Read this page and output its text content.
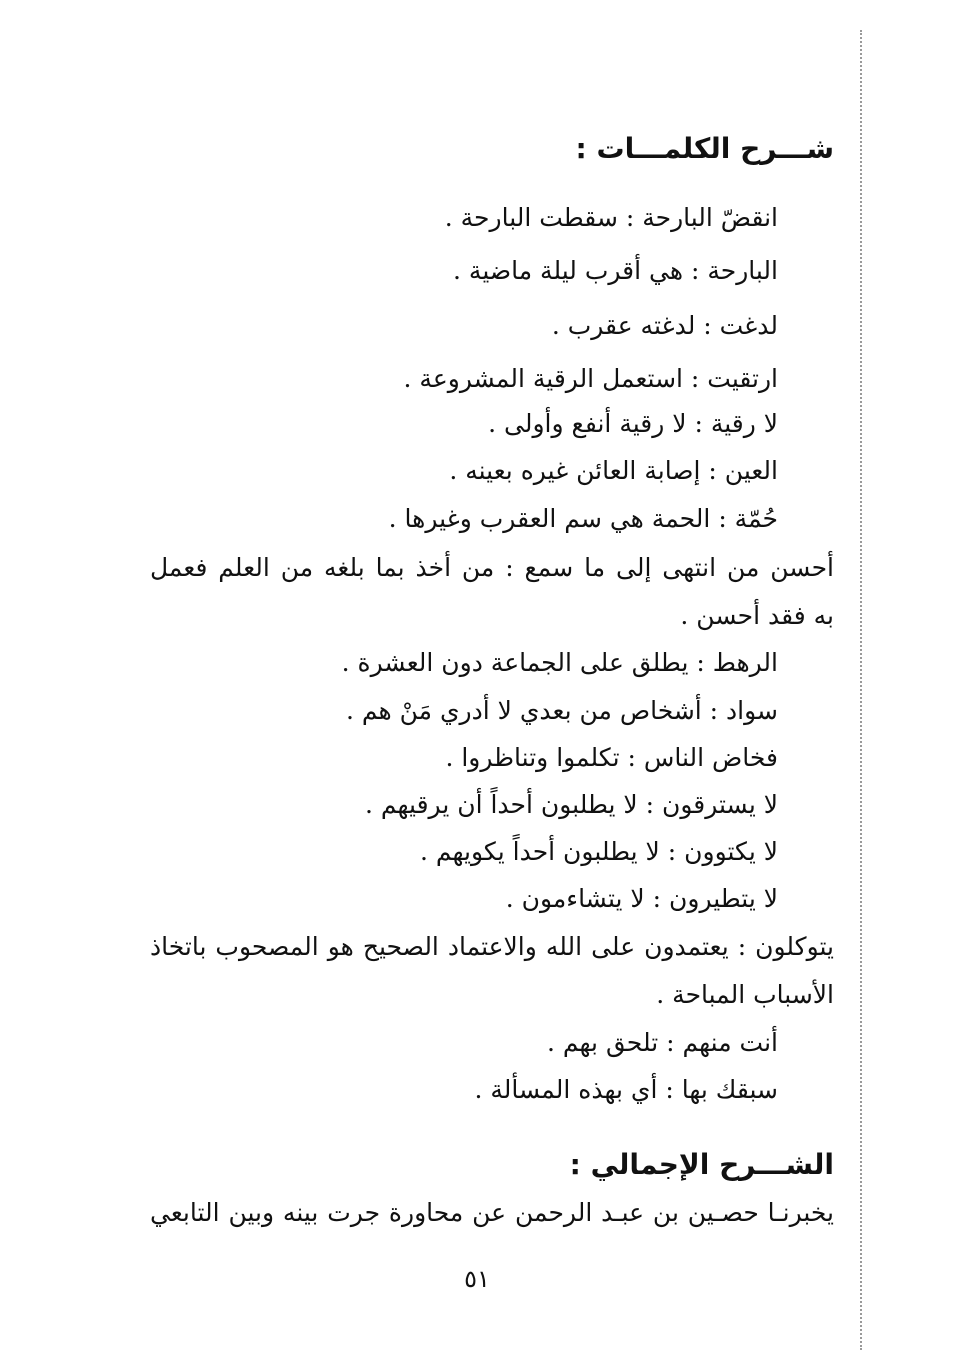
شـــرح الكلمـــات :
انقضّ البارحة : سقطت البارحة .
البارحة : هي أقرب ليلة ماضية .
لدغت : لدغته عقرب .
ارتقيت : استعمل الرقية المشروعة .
لا رقية : لا رقية أنفع وأولى .
العين : إصابة العائن غيره بعينه .
حُمّة : الحمة هي سم العقرب وغيرها .
أحسن من انتهى إلى ما سمع : من أخذ بما بلغه من العلم فعمل
به فقد أحسن .
الرهط : يطلق على الجماعة دون العشرة .
سواد : أشخاص من بعدي لا أدري مَنْ هم .
فخاض الناس : تكلموا وتناظروا .
لا يسترقون : لا يطلبون أحداً أن يرقيهم .
لا يكتوون : لا يطلبون أحداً يكويهم .
لا يتطيرون : لا يتشاءمون .
يتوكلون : يعتمدون على الله والاعتماد الصحيح هو المصحوب باتخاذ
الأسباب المباحة .
أنت منهم : تلحق بهم .
سبقك بها : أي بهذه المسألة .
الشـــرح الإجمالي :
يخبرنـا حصـين بن عبـد الرحمن عن محاورة جرت بينه وبين التابعي
٥١
